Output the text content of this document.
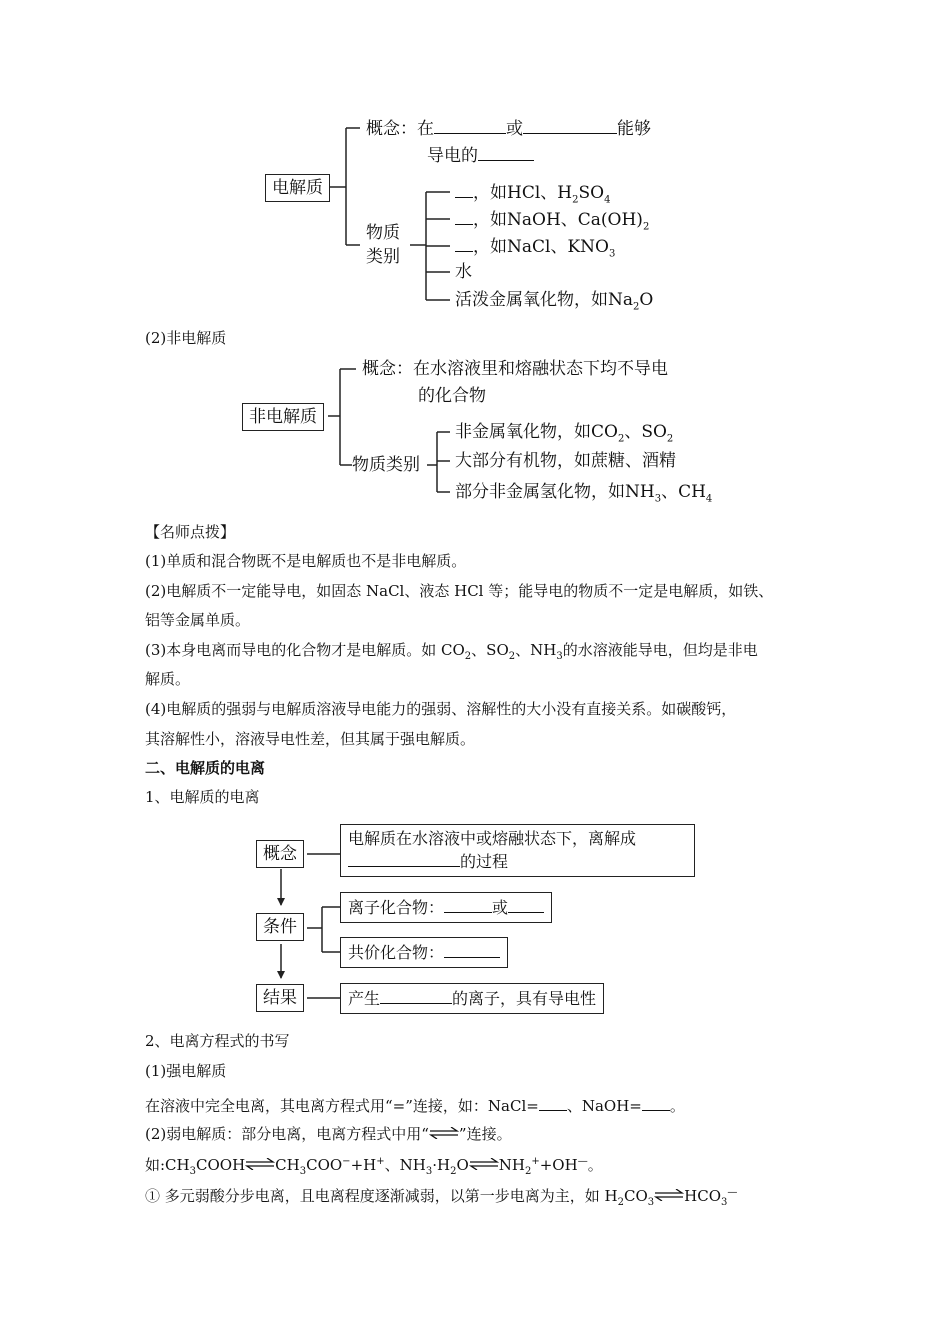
电解质
概念：在	或	能够
导电的
物质
类别
，如HCl、$H_2SO_4$
，如NaOH、$Ca(OH)_2$
，如NaCl、$KNO_3$
水
活泼金属氧化物，如$Na_2O$
(2)非电解质
非电解质
概念：在水溶液里和熔融状态下均不导电
的化合物
物质类别
非金属氧化物，如$CO_2$、$SO_2$
大部分有机物，如蔗糖、酒精
部分非金属氢化物，如$NH_3$、$CH_4$
【名师点拨】
(1)单质和混合物既不是电解质也不是非电解质。
(2)电解质不一定能导电，如固态 NaCl、液态 HCl 等；能导电的物质不一定是电解质，如铁、
铝等金属单质。
(3)本身电离而导电的化合物才是电解质。如 $CO_2$、$SO_2$、$NH_3$的水溶液能导电，但均是非电
解质。
(4)电解质的强弱与电解质溶液导电能力的强弱、溶解性的大小没有直接关系。如碳酸钙，
其溶解性小，溶液导电性差，但其属于强电解质。
二、电解质的电离
1、电解质的电离
概念
电解质在水溶液中或熔融状态下，离解成
的过程
条件
离子化合物：	或
共价化合物：
结果	产生	的离子，具有导电性
2、电离方程式的书写
(1)强电解质
在溶液中完全电离，其电离方程式用“=”连接，如：NaCl= 、NaOH= 。
(2)弱电解质：部分电离，电离方程式中用“⇌”连接。
如$:CH_3COOH\rightleftharpoons CH_3COO^-+H^+$、$NH_3\cdot H_2O\rightleftharpoons NH_2^++OH^—$。
① 多元弱酸分步电离，且电离程度逐渐减弱，以第一步电离为主，如 $H_2CO_3$ $\rightleftharpoons HCO_3^—$
